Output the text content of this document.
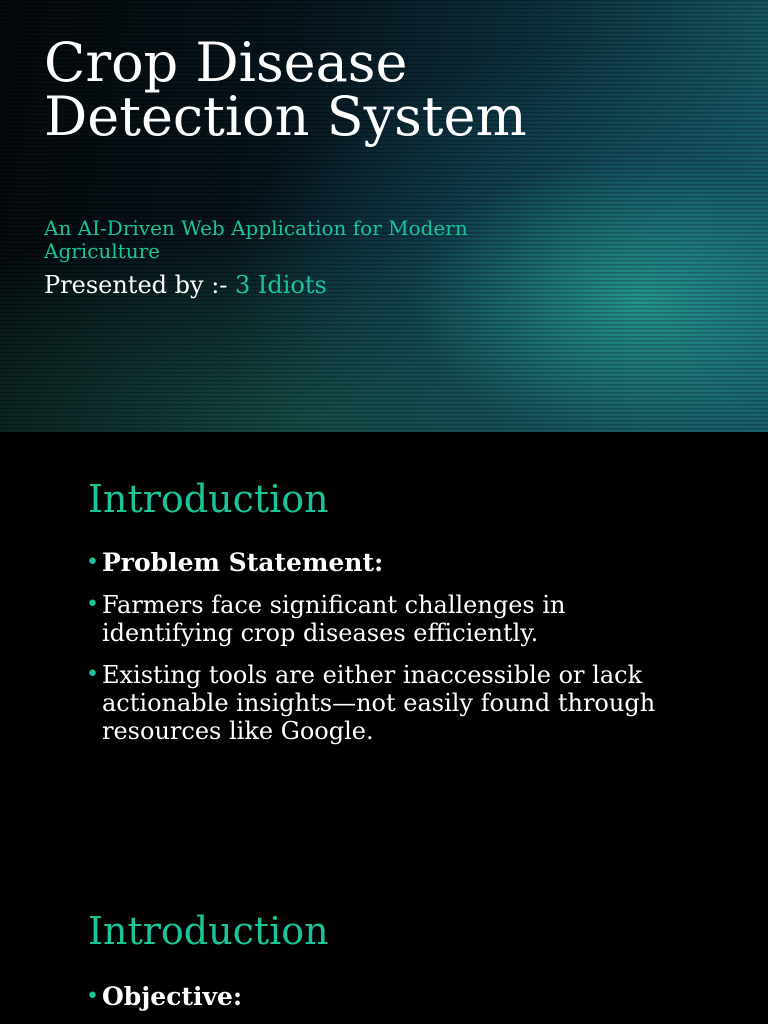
Crop Disease Detection System

An AI-Driven Web Application for Modern Agriculture

Presented by :- 3 Idiots

Introduction
• Problem Statement:
• Farmers face significant challenges in identifying crop diseases efficiently.
• Existing tools are either inaccessible or lack actionable insights—not easily found through resources like Google.
Introduction
• Objective:
